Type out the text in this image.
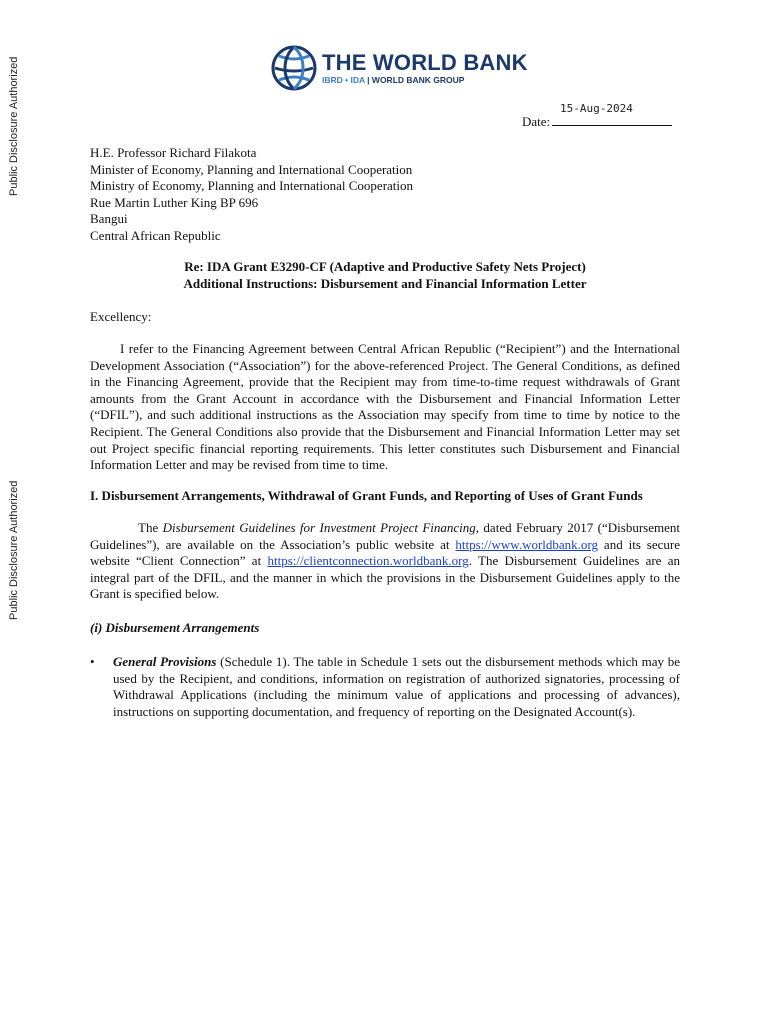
Public Disclosure Authorized
Public Disclosure Authorized
THE WORLD BANK
IBRD • IDA | WORLD BANK GROUP
15-Aug-2024
Date:
H.E. Professor Richard Filakota
Minister of Economy, Planning and International Cooperation
Ministry of Economy, Planning and International Cooperation
Rue Martin Luther King BP 696
Bangui
Central African Republic
Re: IDA Grant E3290-CF (Adaptive and Productive Safety Nets Project)
Additional Instructions: Disbursement and Financial Information Letter
Excellency:

I refer to the Financing Agreement between Central African Republic (“Recipient”) and the International Development Association (“Association”) for the above-referenced Project. The General Conditions, as defined in the Financing Agreement, provide that the Recipient may from time-to-time request withdrawals of Grant amounts from the Grant Account in accordance with the Disbursement and Financial Information Letter (“DFIL”), and such additional instructions as the Association may specify from time to time by notice to the Recipient. The General Conditions also provide that the Disbursement and Financial Information Letter may set out Project specific financial reporting requirements. This letter constitutes such Disbursement and Financial Information Letter and may be revised from time to time.

I. Disbursement Arrangements, Withdrawal of Grant Funds, and Reporting of Uses of Grant Funds

The Disbursement Guidelines for Investment Project Financing, dated February 2017 (“Disbursement Guidelines”), are available on the Association’s public website at https://www.worldbank.org and its secure website “Client Connection” at https://clientconnection.worldbank.org. The Disbursement Guidelines are an integral part of the DFIL, and the manner in which the provisions in the Disbursement Guidelines apply to the Grant is specified below.

(i) Disbursement Arrangements
• General Provisions (Schedule 1). The table in Schedule 1 sets out the disbursement methods which may be used by the Recipient, and conditions, information on registration of authorized signatories, processing of Withdrawal Applications (including the minimum value of applications and processing of advances), instructions on supporting documentation, and frequency of reporting on the Designated Account(s).
